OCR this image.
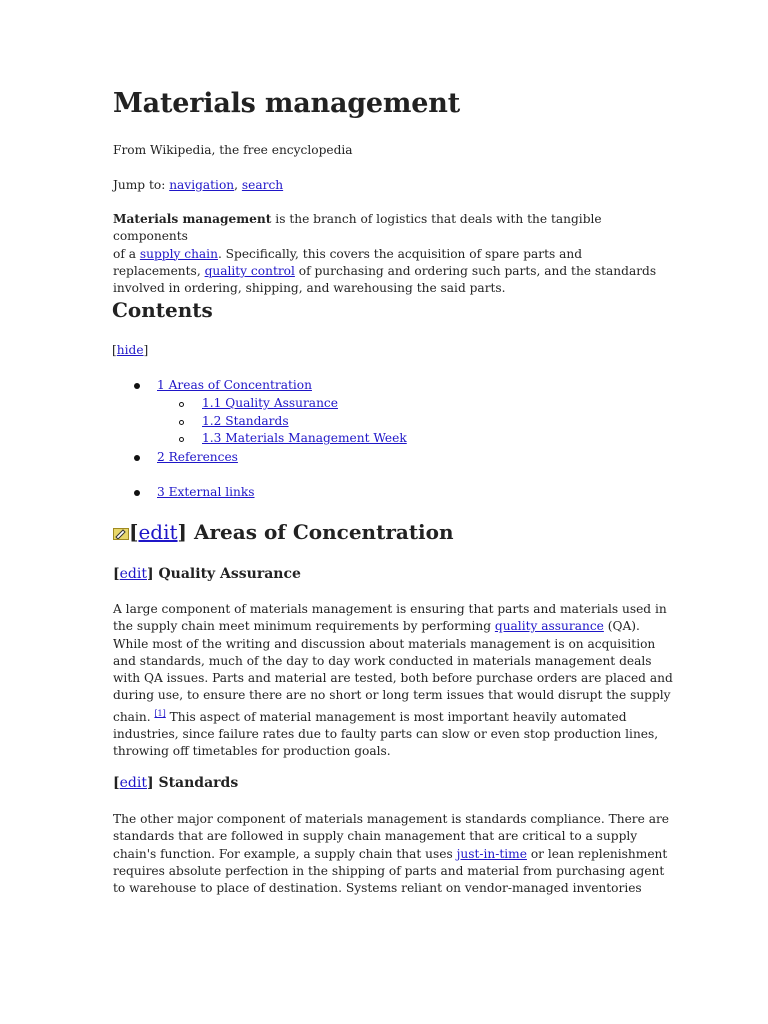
Materials management
From Wikipedia, the free encyclopedia
Jump to: navigation, search
Materials management is the branch of logistics that deals with the tangible components
of a supply chain. Specifically, this covers the acquisition of spare parts and
replacements, quality control of purchasing and ordering such parts, and the standards
involved in ordering, shipping, and warehousing the said parts.
Contents
[hide]
1 Areas of Concentration
1.1 Quality Assurance
1.2 Standards
1.3 Materials Management Week
2 References
3 External links
[edit] Areas of Concentration
[edit] Quality Assurance
A large component of materials management is ensuring that parts and materials used in
the supply chain meet minimum requirements by performing quality assurance (QA).
While most of the writing and discussion about materials management is on acquisition
and standards, much of the day to day work conducted in materials management deals
with QA issues. Parts and material are tested, both before purchase orders are placed and
during use, to ensure there are no short or long term issues that would disrupt the supply
chain. [1] This aspect of material management is most important heavily automated
industries, since failure rates due to faulty parts can slow or even stop production lines,
throwing off timetables for production goals.
[edit] Standards
The other major component of materials management is standards compliance. There are
standards that are followed in supply chain management that are critical to a supply
chain's function. For example, a supply chain that uses just-in-time or lean replenishment
requires absolute perfection in the shipping of parts and material from purchasing agent
to warehouse to place of destination. Systems reliant on vendor-managed inventories
